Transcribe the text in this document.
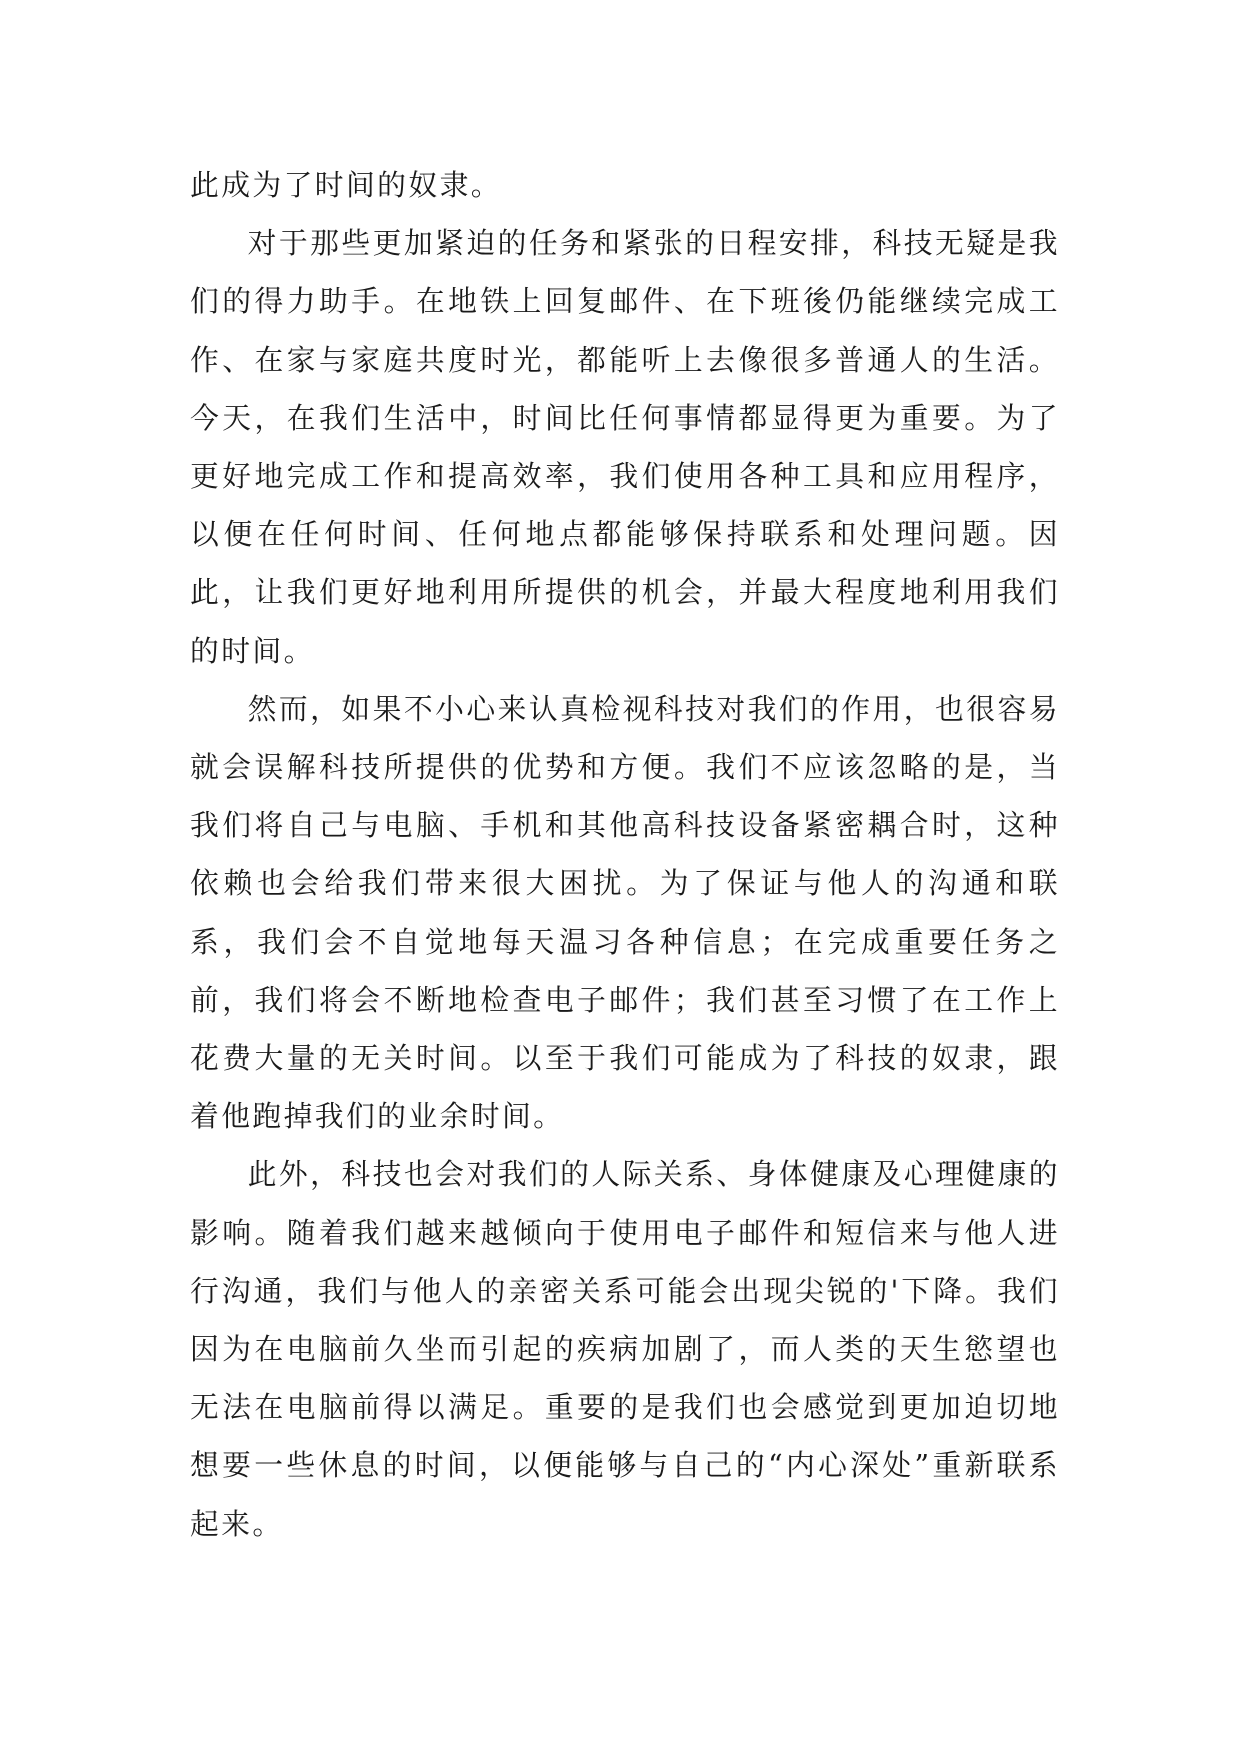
此成为了时间的奴隶。

对于那些更加紧迫的任务和紧张的日程安排，科技无疑是我们的得力助手。在地铁上回复邮件、在下班後仍能继续完成工作、在家与家庭共度时光，都能听上去像很多普通人的生活。今天，在我们生活中，时间比任何事情都显得更为重要。为了更好地完成工作和提高效率，我们使用各种工具和应用程序，以便在任何时间、任何地点都能够保持联系和处理问题。因此，让我们更好地利用所提供的机会，并最大程度地利用我们的时间。

然而，如果不小心来认真检视科技对我们的作用，也很容易就会误解科技所提供的优势和方便。我们不应该忽略的是，当我们将自己与电脑、手机和其他高科技设备紧密耦合时，这种依赖也会给我们带来很大困扰。为了保证与他人的沟通和联系，我们会不自觉地每天温习各种信息；在完成重要任务之前，我们将会不断地检查电子邮件；我们甚至习惯了在工作上花费大量的无关时间。以至于我们可能成为了科技的奴隶，跟着他跑掉我们的业余时间。

此外，科技也会对我们的人际关系、身体健康及心理健康的影响。随着我们越来越倾向于使用电子邮件和短信来与他人进行沟通，我们与他人的亲密关系可能会出现尖锐的'下降。我们因为在电脑前久坐而引起的疾病加剧了，而人类的天生慾望也无法在电脑前得以满足。重要的是我们也会感觉到更加迫切地想要一些休息的时间，以便能够与自己的“内心深处”重新联系起来。
